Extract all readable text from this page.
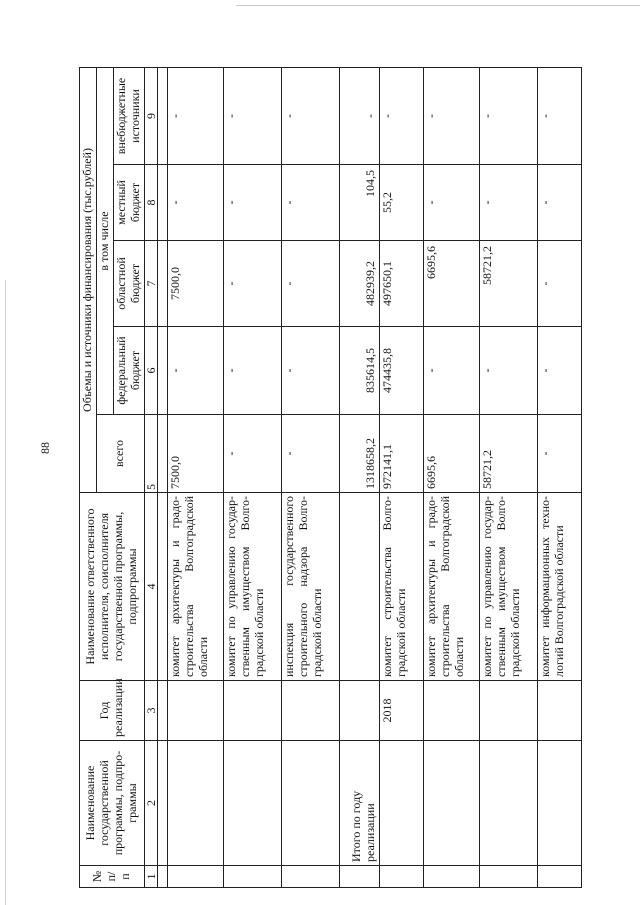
88
№ п/п	Наименование государственной программы, подпро-граммы	Год реализации	Наименование ответственного исполнителя, соисполнителя государственной программы, подпрограммы	Объемы и источники финансирования (тыс.рублей)				
				всего	в том числе			
					федеральный бюджет	областной бюджет	местный бюджет	внебюджетные источники
1	2	3	4	5	6	7	8	9

			комитет архитектуры и градо-строительства Волгоградской области	7500,0	-	7500,0	-	-
			комитет по управлению государ-ственным имуществом Волго-градской области	-	-	-	-	-
			инспекция государственного строительного надзора Волго-градской области	-	-	-	-	-
	Итого по году реализации			1318658,2	835614,5	482939,2	104,5	-
		2018	комитет строительства Волго-градской области	972141,1	474435,8	497650,1	55,2	-
			комитет архитектуры и градо-строительства Волгоградской области	6695,6	-	6695,6	-	-
			комитет по управлению государ-ственным имуществом Волго-градской области	58721,2	-	58721,2	-	-
			комитет информационных техно-логий Волгоградской области	-	-	-	-	-
